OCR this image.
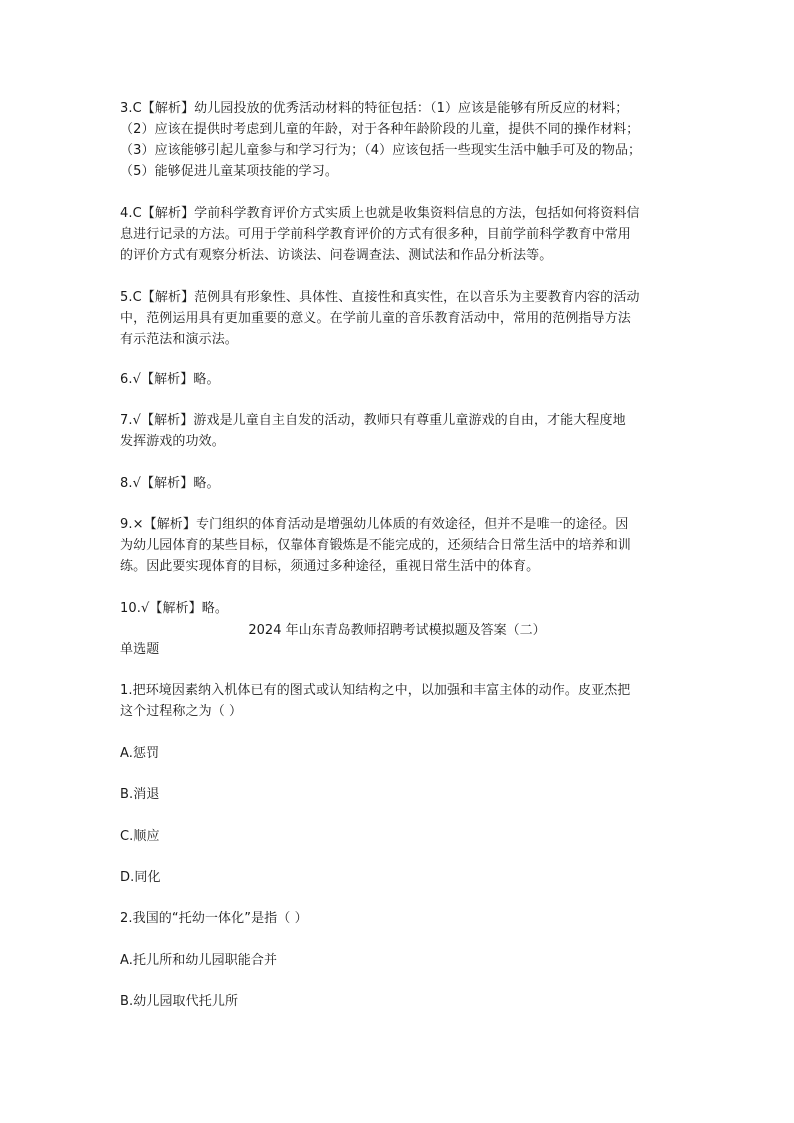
3.C【解析】幼儿园投放的优秀活动材料的特征包括：（1）应该是能够有所反应的材料；
（2）应该在提供时考虑到儿童的年龄，对于各种年龄阶段的儿童，提供不同的操作材料；
（3）应该能够引起儿童参与和学习行为；（4）应该包括一些现实生活中触手可及的物品；
（5）能够促进儿童某项技能的学习。
4.C【解析】学前科学教育评价方式实质上也就是收集资料信息的方法，包括如何将资料信
息进行记录的方法。可用于学前科学教育评价的方式有很多种，目前学前科学教育中常用
的评价方式有观察分析法、访谈法、问卷调查法、测试法和作品分析法等。
5.C【解析】范例具有形象性、具体性、直接性和真实性，在以音乐为主要教育内容的活动
中，范例运用具有更加重要的意义。在学前儿童的音乐教育活动中，常用的范例指导方法
有示范法和演示法。
6.√【解析】略。
7.√【解析】游戏是儿童自主自发的活动，教师只有尊重儿童游戏的自由，才能大程度地
发挥游戏的功效。
8.√【解析】略。
9.×【解析】专门组织的体育活动是增强幼儿体质的有效途径，但并不是唯一的途径。因
为幼儿园体育的某些目标，仅靠体育锻炼是不能完成的，还须结合日常生活中的培养和训
练。因此要实现体育的目标，须通过多种途径，重视日常生活中的体育。
10.√【解析】略。
2024 年山东青岛教师招聘考试模拟题及答案（二）
单选题
1.把环境因素纳入机体已有的图式或认知结构之中，以加强和丰富主体的动作。皮亚杰把
这个过程称之为（ ）
A.惩罚
B.消退
C.顺应
D.同化
2.我国的“托幼一体化”是指（ ）
A.托儿所和幼儿园职能合并
B.幼儿园取代托儿所
